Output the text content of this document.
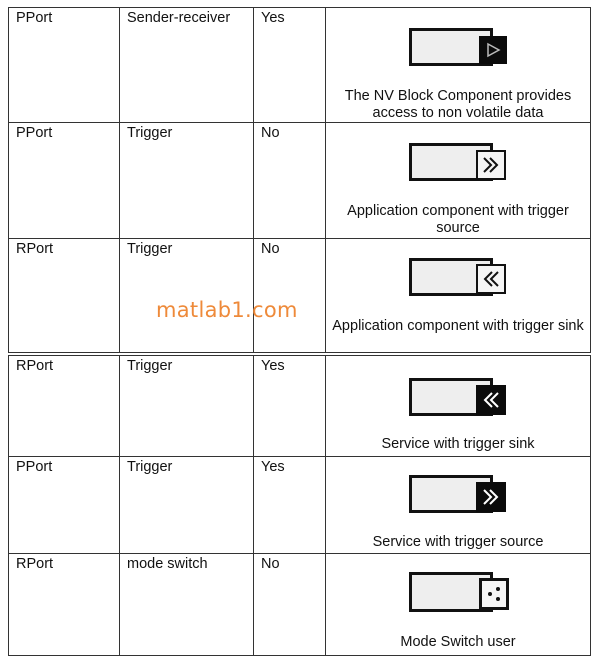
PPort	Sender-receiver	Yes	The NV Block Component provides access to non volatile data

PPort	Trigger	No	Application component with trigger source

RPort	Trigger	No	Application component with trigger sink
RPort	Trigger	Yes	Service with trigger sink

PPort	Trigger	Yes	Service with trigger source

RPort	mode switch	No	Mode Switch user
matlab1.com
